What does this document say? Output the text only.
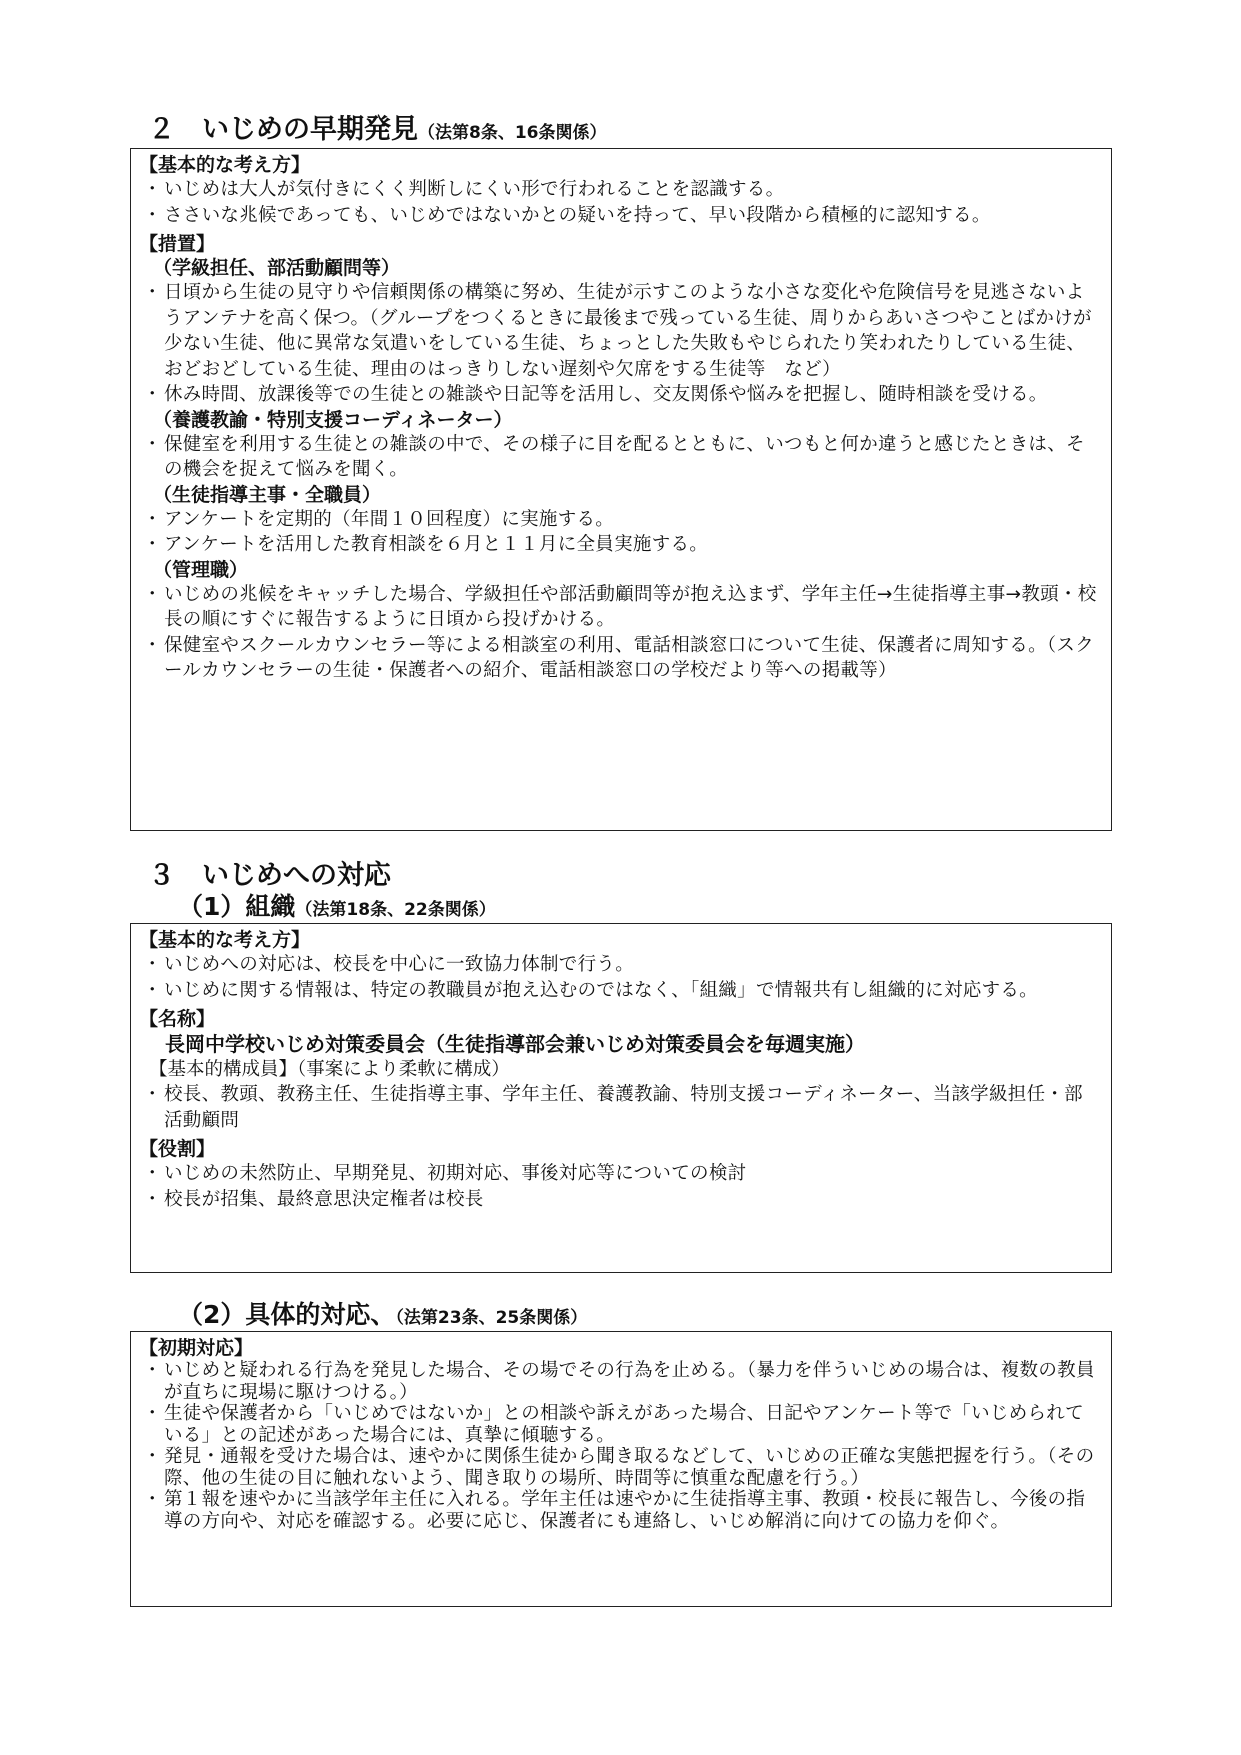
２　いじめの早期発見（法第8条、16条関係）
【基本的な考え方】
・ いじめは大人が気付きにくく判断しにくい形で行われることを認識する。
・ ささいな兆候であっても、いじめではないかとの疑いを持って、早い段階から積極的に認知する。
【措置】
（学級担任、部活動顧問等）
・ 日頃から生徒の見守りや信頼関係の構築に努め、生徒が示すこのような小さな変化や危険信号を見逃さないようアンテナを高く保つ。（グループをつくるときに最後まで残っている生徒、周りからあいさつやことばかけが少ない生徒、他に異常な気遣いをしている生徒、ちょっとした失敗もやじられたり笑われたりしている生徒、おどおどしている生徒、理由のはっきりしない遅刻や欠席をする生徒等　など）
・ 休み時間、放課後等での生徒との雑談や日記等を活用し、交友関係や悩みを把握し、随時相談を受ける。
（養護教諭・特別支援コーディネーター）
・ 保健室を利用する生徒との雑談の中で、その様子に目を配るとともに、いつもと何か違うと感じたときは、その機会を捉えて悩みを聞く。
（生徒指導主事・全職員）
・ アンケートを定期的（年間１０回程度）に実施する。
・ アンケートを活用した教育相談を６月と１１月に全員実施する。
（管理職）
・ いじめの兆候をキャッチした場合、学級担任や部活動顧問等が抱え込まず、学年主任→生徒指導主事→教頭・校長の順にすぐに報告するように日頃から投げかける。
・ 保健室やスクールカウンセラー等による相談室の利用、電話相談窓口について生徒、保護者に周知する。（スクールカウンセラーの生徒・保護者への紹介、電話相談窓口の学校だより等への掲載等）
３　いじめへの対応
（1）組織（法第18条、22条関係）
【基本的な考え方】
・ いじめへの対応は、校長を中心に一致協力体制で行う。
・ いじめに関する情報は、特定の教職員が抱え込むのではなく、「組織」で情報共有し組織的に対応する。
【名称】
長岡中学校いじめ対策委員会（生徒指導部会兼いじめ対策委員会を毎週実施）
【基本的構成員】（事案により柔軟に構成）
・ 校長、教頭、教務主任、生徒指導主事、学年主任、養護教諭、特別支援コーディネーター、当該学級担任・部活動顧問
【役割】
・ いじめの未然防止、早期発見、初期対応、事後対応等についての検討
・ 校長が招集、最終意思決定権者は校長
（2）具体的対応、（法第23条、25条関係）
【初期対応】
・ いじめと疑われる行為を発見した場合、その場でその行為を止める。（暴力を伴ういじめの場合は、複数の教員が直ちに現場に駆けつける。）
・ 生徒や保護者から「いじめではないか」との相談や訴えがあった場合、日記やアンケート等で「いじめられている」との記述があった場合には、真摯に傾聴する。
・ 発見・通報を受けた場合は、速やかに関係生徒から聞き取るなどして、いじめの正確な実態把握を行う。（その際、他の生徒の目に触れないよう、聞き取りの場所、時間等に慎重な配慮を行う。）
・ 第１報を速やかに当該学年主任に入れる。学年主任は速やかに生徒指導主事、教頭・校長に報告し、今後の指導の方向や、対応を確認する。必要に応じ、保護者にも連絡し、いじめ解消に向けての協力を仰ぐ。
